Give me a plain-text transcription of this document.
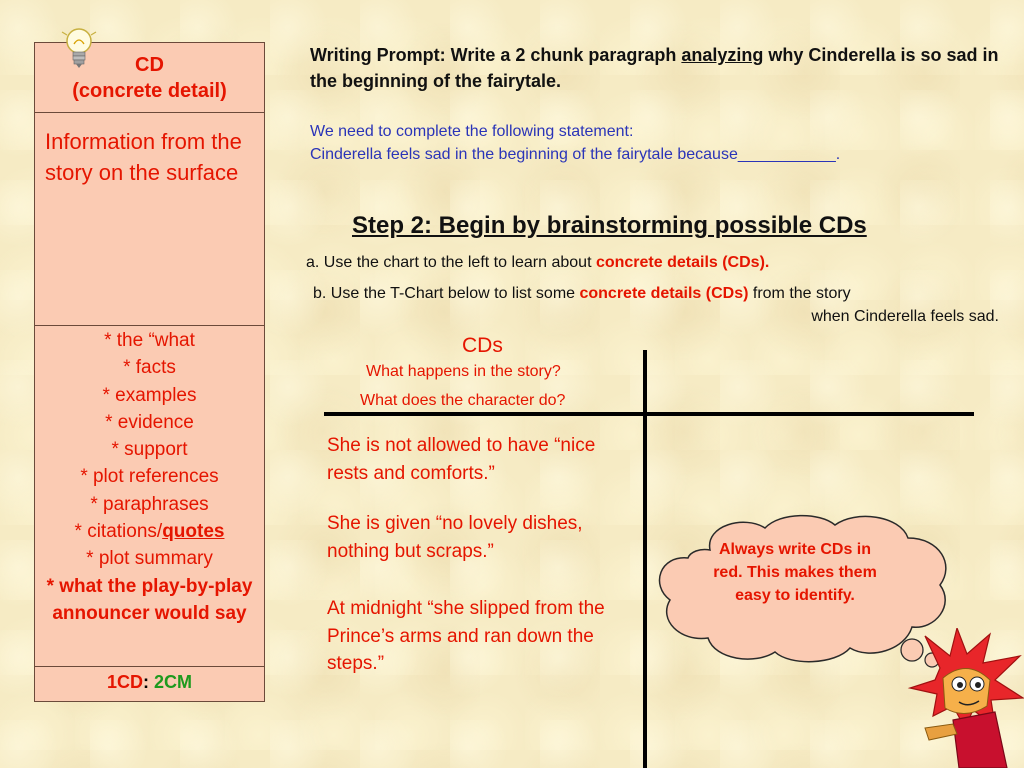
CD
(concrete detail)
Information from the story on the surface
* the “what
* facts
* examples
* evidence
* support
* plot references
* paraphrases
* citations/quotes
* plot summary
* what the play-by-play announcer would say
1CD: 2CM
Writing Prompt: Write a 2 chunk paragraph analyzing why Cinderella is so sad in the beginning of the fairytale.
We need to complete the following statement:
Cinderella feels sad in the beginning of the fairytale because___________.
Step 2: Begin by brainstorming possible CDs
a. Use the chart to the left to learn about concrete details (CDs).
b. Use the T-Chart below to list some concrete details (CDs) from the story
when Cinderella feels sad.
CDs
What happens in the story?
What does the character do?
She is not allowed to have “nice rests and comforts.”
She is given “no lovely dishes, nothing but scraps.”
At midnight “she slipped from the Prince’s arms and ran down the steps.”
Always write CDs in red. This makes them easy to identify.
